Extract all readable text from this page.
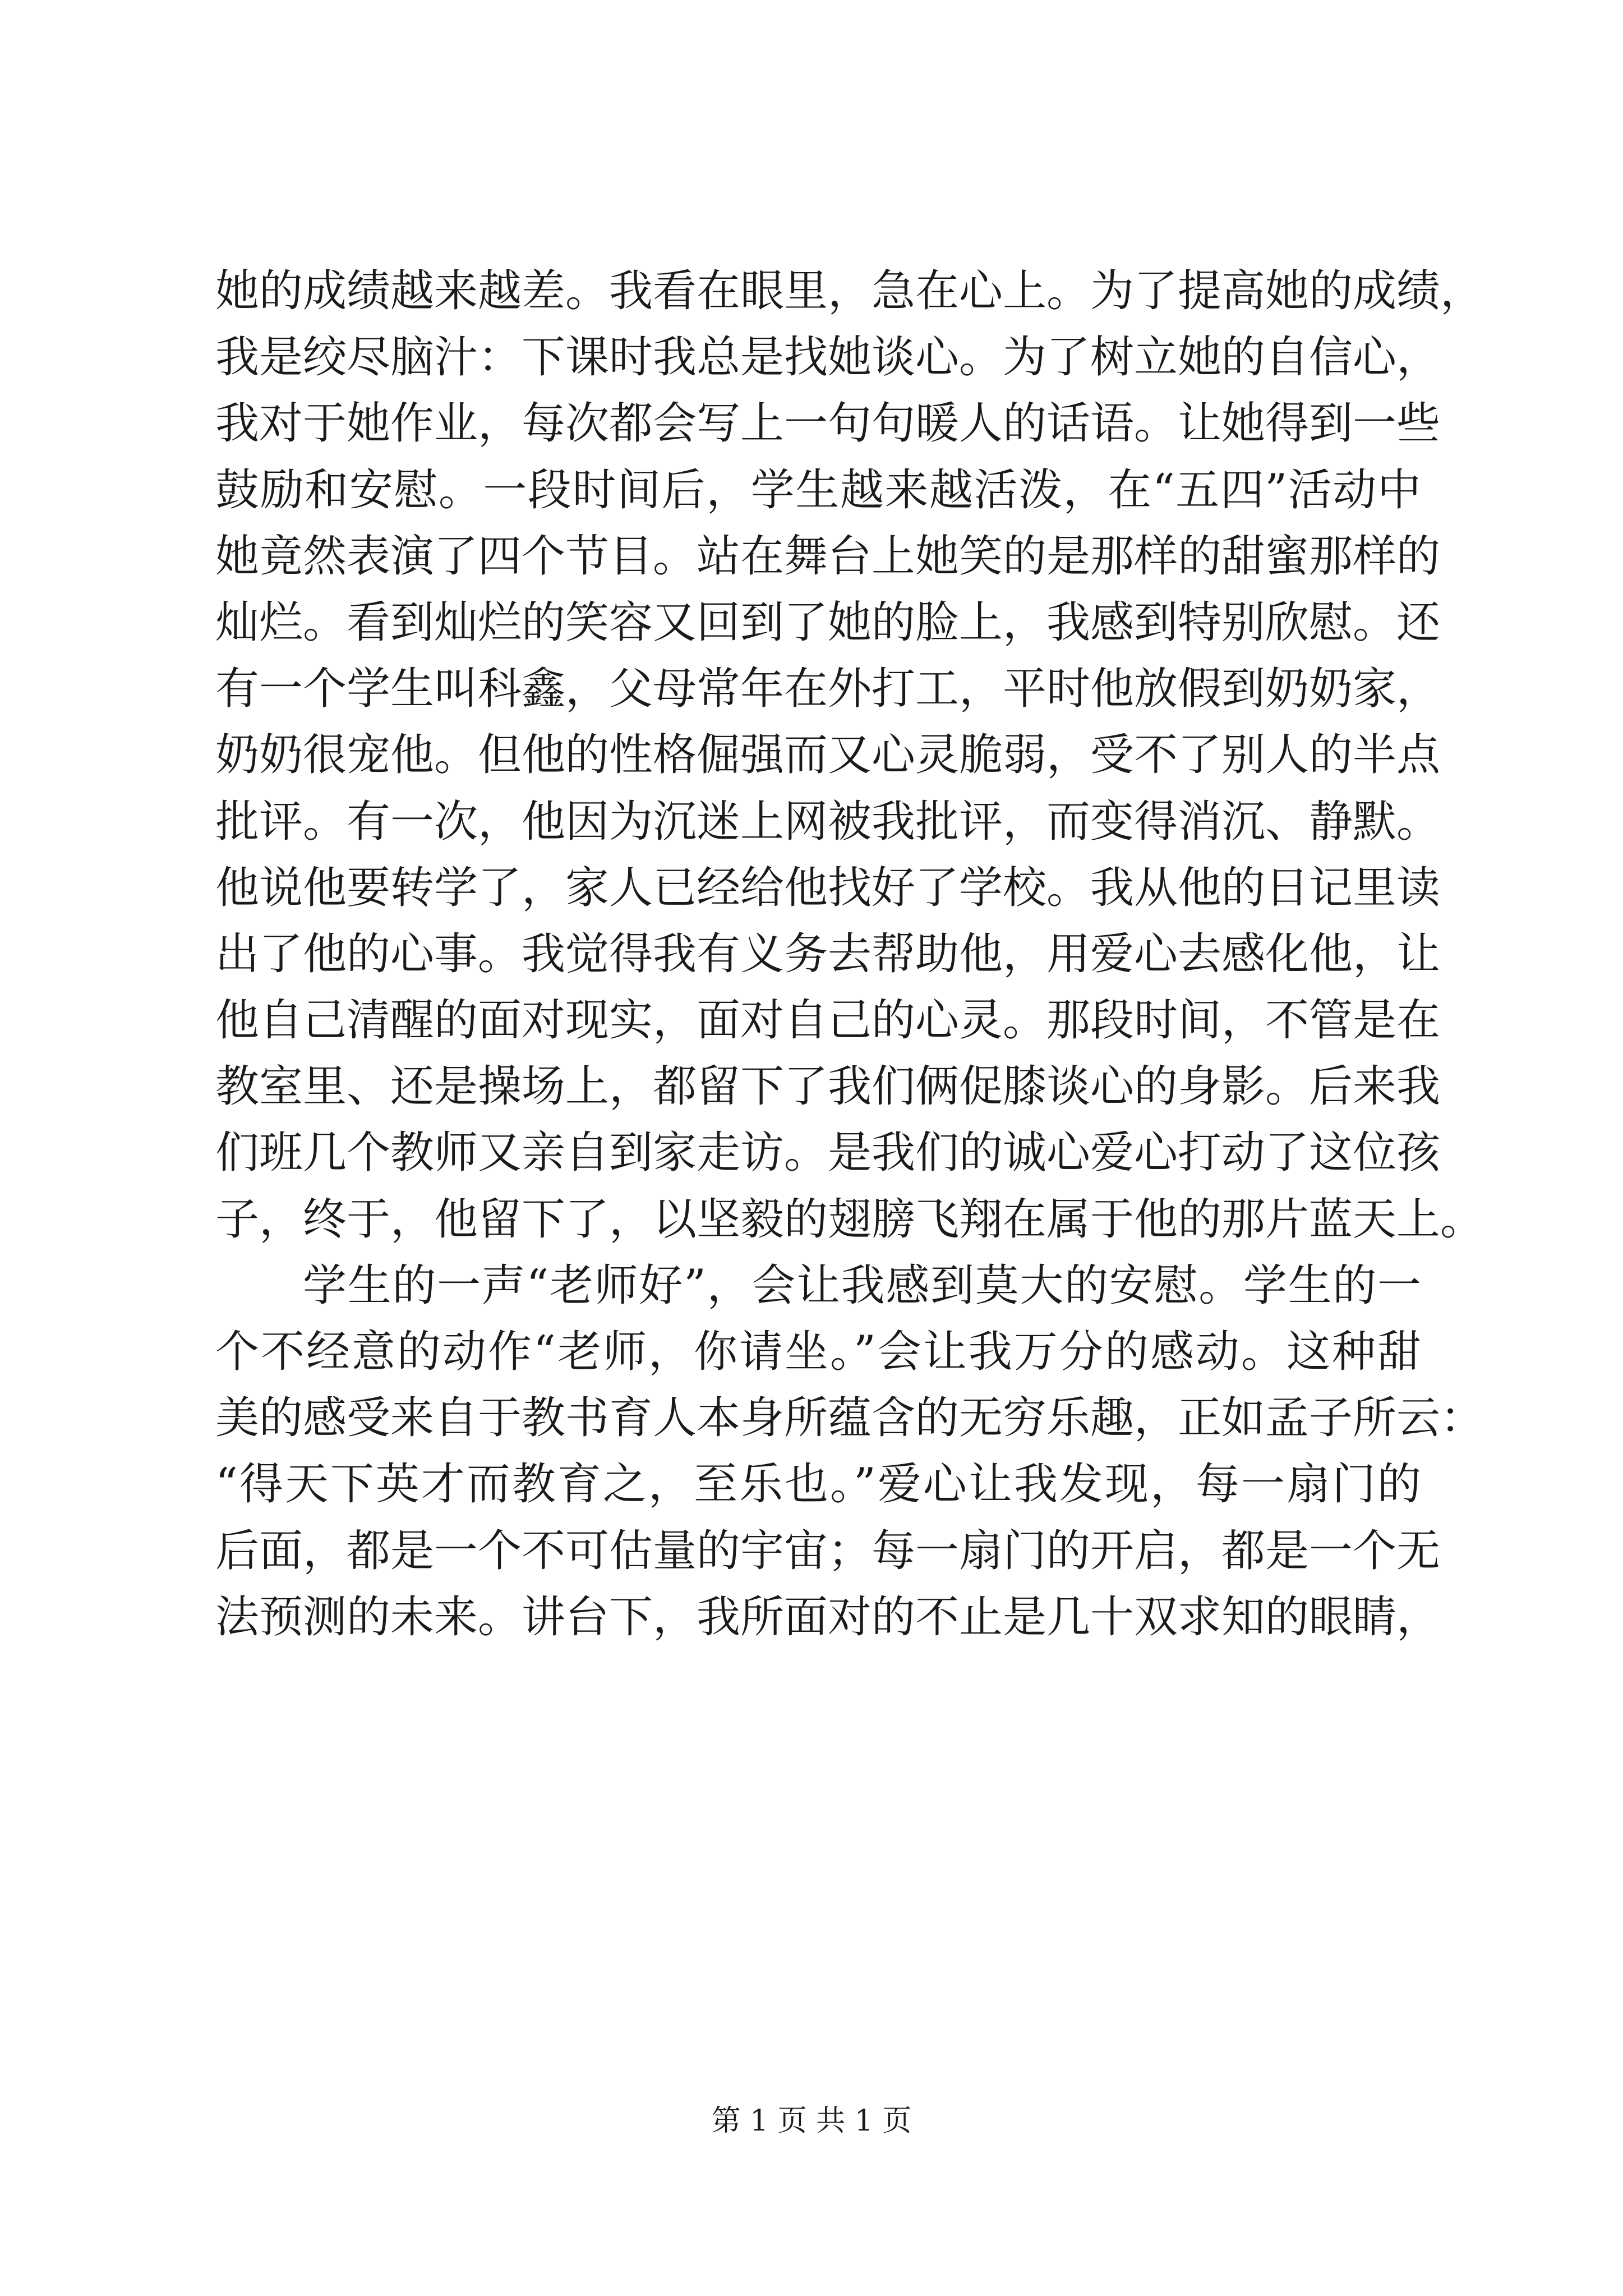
她的成绩越来越差。我看在眼里，急在心上。为了提高她的成绩，
我是绞尽脑汁：下课时我总是找她谈心。为了树立她的自信心，
我对于她作业，每次都会写上一句句暖人的话语。让她得到一些
鼓励和安慰。一段时间后，学生越来越活泼，在“五四”活动中
她竟然表演了四个节目。站在舞台上她笑的是那样的甜蜜那样的
灿烂。看到灿烂的笑容又回到了她的脸上，我感到特别欣慰。还
有一个学生叫科鑫，父母常年在外打工，平时他放假到奶奶家，
奶奶很宠他。但他的性格倔强而又心灵脆弱，受不了别人的半点
批评。有一次，他因为沉迷上网被我批评，而变得消沉、静默。
他说他要转学了，家人已经给他找好了学校。我从他的日记里读
出了他的心事。我觉得我有义务去帮助他，用爱心去感化他，让
他自己清醒的面对现实，面对自己的心灵。那段时间，不管是在
教室里、还是操场上，都留下了我们俩促膝谈心的身影。后来我
们班几个教师又亲自到家走访。是我们的诚心爱心打动了这位孩
子，终于，他留下了，以坚毅的翅膀飞翔在属于他的那片蓝天上。
学生的一声“老师好”，会让我感到莫大的安慰。学生的一
个不经意的动作“老师，你请坐。”会让我万分的感动。这种甜
美的感受来自于教书育人本身所蕴含的无穷乐趣，正如孟子所云：
“得天下英才而教育之，至乐也。”爱心让我发现，每一扇门的
后面，都是一个不可估量的宇宙；每一扇门的开启，都是一个无
法预测的未来。讲台下，我所面对的不止是几十双求知的眼睛，
第 1 页 共 1 页
